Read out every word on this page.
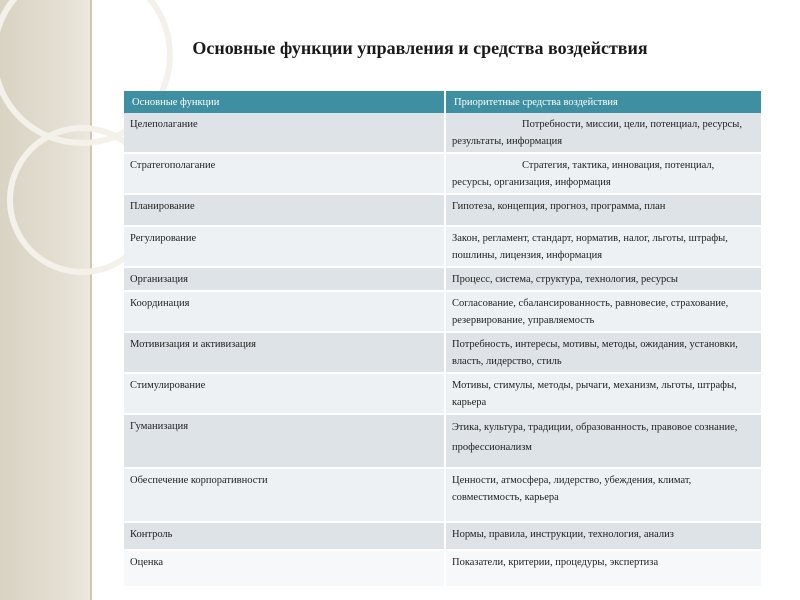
Основные функции управления и средства воздействия
Основные функции	Приоритетные средства воздействия
Целеполагание	Потребности, миссии, цели, потенциал, ресурсы, результаты, информация
Стратегополагание	Стратегия, тактика, инновация, потенциал, ресурсы, организация, информация
Планирование	Гипотеза, концепция, прогноз, программа, план
Регулирование	Закон, регламент, стандарт, норматив, налог, льготы, штрафы, пошлины, лицензия, информация
Организация	Процесс, система, структура, технология, ресурсы
Координация	Согласование, сбалансированность, равновесие, страхование, резервирование, управляемость
Мотивизация и активизация	Потребность, интересы, мотивы, методы, ожидания, установки, власть, лидерство, стиль
Стимулирование	Мотивы, стимулы, методы, рычаги, механизм, льготы, штрафы, карьера
Гуманизация	Этика, культура, традиции, образованность, правовое сознание, профессионализм
Обеспечение корпоративности	Ценности, атмосфера, лидерство, убеждения, климат, совместимость, карьера
Контроль	Нормы, правила, инструкции, технология, анализ
Оценка	Показатели, критерии, процедуры, экспертиза
